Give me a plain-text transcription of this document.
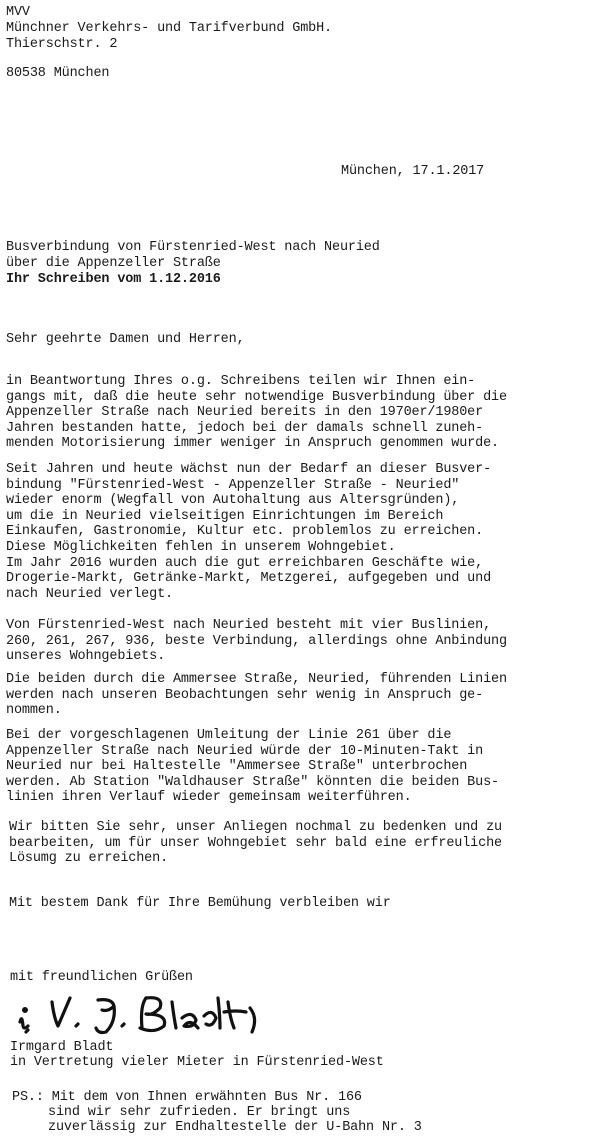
MVV
Münchner Verkehrs- und Tarifverbund GmbH.
Thierschstr. 2
80538 München
München, 17.1.2017
Busverbindung von Fürstenried-West nach Neuried
über die Appenzeller Straße
Ihr Schreiben vom 1.12.2016
Sehr geehrte Damen und Herren,
in Beantwortung Ihres o.g. Schreibens teilen wir Ihnen ein-
gangs mit, daß die heute sehr notwendige Busverbindung über die
Appenzeller Straße nach Neuried bereits in den 1970er/1980er
Jahren bestanden hatte, jedoch bei der damals schnell zuneh-
menden Motorisierung immer weniger in Anspruch genommen wurde.
Seit Jahren und heute wächst nun der Bedarf an dieser Busver-
bindung "Fürstenried-West - Appenzeller Straße - Neuried"
wieder enorm (Wegfall von Autohaltung aus Altersgründen),
um die in Neuried vielseitigen Einrichtungen im Bereich
Einkaufen, Gastronomie, Kultur etc. problemlos zu erreichen.
Diese Möglichkeiten fehlen in unserem Wohngebiet.
Im Jahr 2016 wurden auch die gut erreichbaren Geschäfte wie,
Drogerie-Markt, Getränke-Markt, Metzgerei, aufgegeben und und
nach Neuried verlegt.
Von Fürstenried-West nach Neuried besteht mit vier Buslinien,
260, 261, 267, 936, beste Verbindung, allerdings ohne Anbindung
unseres Wohngebiets.
Die beiden durch die Ammersee Straße, Neuried, führenden Linien
werden nach unseren Beobachtungen sehr wenig in Anspruch ge-
nommen.
Bei der vorgeschlagenen Umleitung der Linie 261 über die
Appenzeller Straße nach Neuried würde der 10-Minuten-Takt in
Neuried nur bei Haltestelle "Ammersee Straße" unterbrochen
werden. Ab Station "Waldhauser Straße" könnten die beiden Bus-
linien ihren Verlauf wieder gemeinsam weiterführen.
Wir bitten Sie sehr, unser Anliegen nochmal zu bedenken und zu
bearbeiten, um für unser Wohngebiet sehr bald eine erfreuliche
Lösumg zu erreichen.
Mit bestem Dank für Ihre Bemühung verbleiben wir
mit freundlichen Grüßen
Irmgard Bladt
in Vertretung vieler Mieter in Fürstenried-West
PS.: Mit dem von Ihnen erwähnten Bus Nr. 166
sind wir sehr zufrieden. Er bringt uns
zuverlässig zur Endhaltestelle der U-Bahn Nr. 3
